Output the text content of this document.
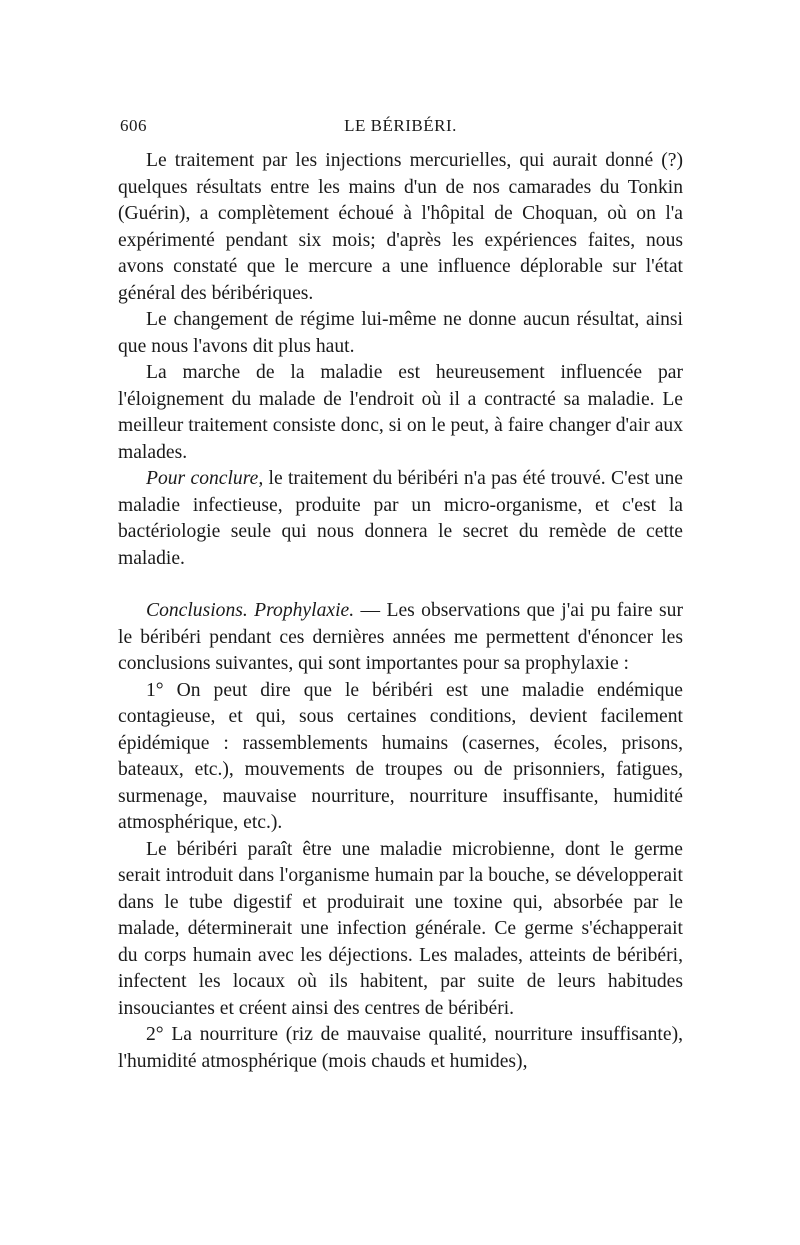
606	LE BÉRIBÉRI.

Le traitement par les injections mercurielles, qui aurait donné (?) quelques résultats entre les mains d'un de nos camarades du Tonkin (Guérin), a complètement échoué à l'hôpital de Choquan, où on l'a expérimenté pendant six mois; d'après les expériences faites, nous avons constaté que le mercure a une influence déplorable sur l'état général des béribériques.

Le changement de régime lui-même ne donne aucun résultat, ainsi que nous l'avons dit plus haut.

La marche de la maladie est heureusement influencée par l'éloignement du malade de l'endroit où il a contracté sa maladie. Le meilleur traitement consiste donc, si on le peut, à faire changer d'air aux malades.

Pour conclure, le traitement du béribéri n'a pas été trouvé. C'est une maladie infectieuse, produite par un micro-organisme, et c'est la bactériologie seule qui nous donnera le secret du remède de cette maladie.

Conclusions. Prophylaxie. — Les observations que j'ai pu faire sur le béribéri pendant ces dernières années me permettent d'énoncer les conclusions suivantes, qui sont importantes pour sa prophylaxie :

1° On peut dire que le béribéri est une maladie endémique contagieuse, et qui, sous certaines conditions, devient facilement épidémique : rassemblements humains (casernes, écoles, prisons, bateaux, etc.), mouvements de troupes ou de prisonniers, fatigues, surmenage, mauvaise nourriture, nourriture insuffisante, humidité atmosphérique, etc.).

Le béribéri paraît être une maladie microbienne, dont le germe serait introduit dans l'organisme humain par la bouche, se développerait dans le tube digestif et produirait une toxine qui, absorbée par le malade, déterminerait une infection générale. Ce germe s'échapperait du corps humain avec les déjections. Les malades, atteints de béribéri, infectent les locaux où ils habitent, par suite de leurs habitudes insouciantes et créent ainsi des centres de béribéri.

2° La nourriture (riz de mauvaise qualité, nourriture insuffisante), l'humidité atmosphérique (mois chauds et humides),
